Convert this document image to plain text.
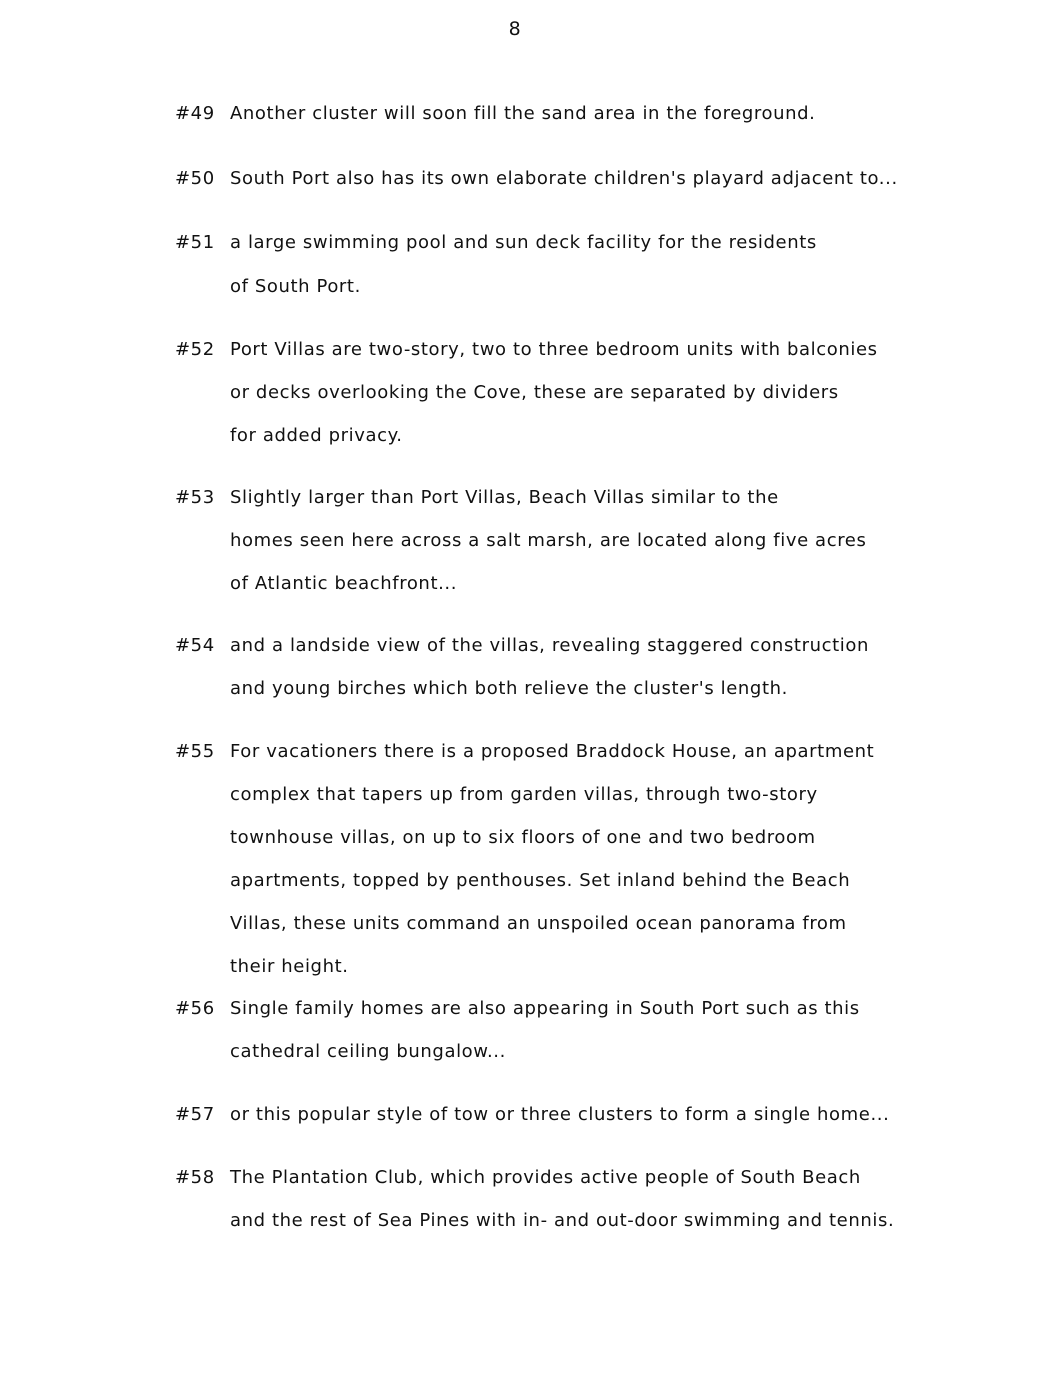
8
#49 Another cluster will soon fill the sand area in the foreground.
#50 South Port also has its own elaborate children's playard adjacent to...
#51 a large swimming pool and sun deck facility for the residents
of South Port.
#52 Port Villas are two-story, two to three bedroom units with balconies
or decks overlooking the Cove, these are separated by dividers
for added privacy.
#53 Slightly larger than Port Villas, Beach Villas similar to the
homes seen here across a salt marsh, are located along five acres
of Atlantic beachfront...
#54 and a landside view of the villas, revealing staggered construction
and young birches which both relieve the cluster's length.
#55 For vacationers there is a proposed Braddock House, an apartment
complex that tapers up from garden villas, through two-story
townhouse villas, on up to six floors of one and two bedroom
apartments, topped by penthouses. Set inland behind the Beach
Villas, these units command an unspoiled ocean panorama from
their height.
#56 Single family homes are also appearing in South Port such as this
cathedral ceiling bungalow...
#57 or this popular style of tow or three clusters to form a single home...
#58 The Plantation Club, which provides active people of South Beach
and the rest of Sea Pines with in- and out-door swimming and tennis.
